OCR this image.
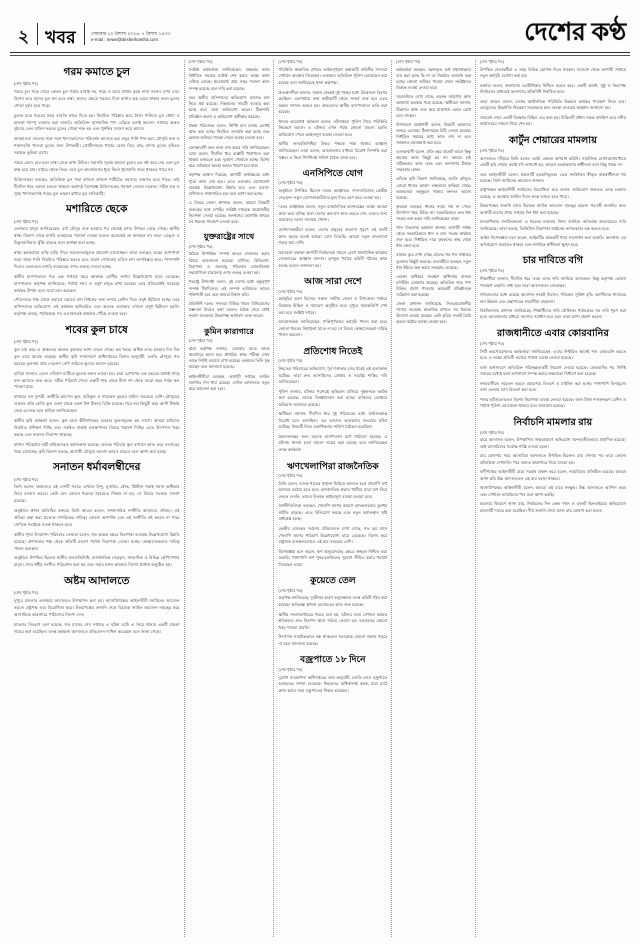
২ খবর	সোমবার ২০ বৈশাখ ২০২৬, ৭ বৈশাখ ১৪৩৩
e-mail : news@desherkantha.com	দেশের কণ্ঠ
গরম কমাতে চুল
(শেষ পৃষ্ঠার পর)

গরমে চুল পড়ে গেলে কেবল চুল পড়ার ব্যথাই নয়, গরম ও ঘামে মাথার ত্বকে নানা সমস্যা দেখা দেয়। বিশেষ করে যাদের চুল ঘন এবং লম্বা, তাদের ক্ষেত্রে গরমের দিনে মাথার ত্বক ঘেমে থাকার ফলে চুলের গোড়া দুর্বল হয়ে পড়ে।

চুলের যত্নে গরমের সময় বাড়তি নজর দিতে হয়। নিয়মিত পরিষ্কার করা, ঠাণ্ডা পানিতে চুল ধোয়া ও হালকা শ্যাম্পু ব্যবহার করা জরুরি। অতিরিক্ত রাসায়নিক পণ্য এড়িয়ে চলাই ভালো। সপ্তাহে অন্তত দুইবার তেল মালিশ করলে চুলের গোড়া শক্ত হয় এবং খুশকির সমস্যা কমে আসে।

আবহাওয়া বদলের সঙ্গে সঙ্গে খাদ্যাভ্যাসেও পরিবর্তন আনতে হয়। প্রচুর পানি পান করা, মৌসুমি ফল ও শাকসবজি খাওয়া চুলের জন্য উপকারী। প্রোটিনসমৃদ্ধ খাবার যেমন ডিম, মাছ, বাদাম চুলের বৃদ্ধিতে সহায়ক ভূমিকা রাখে।

গরমে রোদে বের হলে মাথা ঢেকে রাখা উচিত। সরাসরি সূর্যের আলো চুলের রঙ নষ্ট করে দেয় এবং চুল রুক্ষ হয়ে যায়। বাইরে থেকে ফিরে এসে চুল ভালোভাবে ধুয়ে নিলে ধুলাবালি জমে থাকতে পারে না।

চিকিৎসকরা বলছেন, অতিরিক্ত চুল পড়া কখনো কখনো শারীরিক সমস্যার লক্ষণও হতে পারে। তাই দীর্ঘদিন ধরে সমস্যা চলতে থাকলে অবশ্যই বিশেষজ্ঞ চিকিৎসকের পরামর্শ নেওয়া দরকার। সঠিক যত্ন ও সুষম খাদ্যাভ্যাসই গরমে চুল ভালো রাখার মূল চাবিকাঠি।

মশারিতে ছেকে
(শেষ পৃষ্ঠার পর)

এলাকার মানুষ জানিয়েছেন, বর্ষা মৌসুম শুরু হওয়ার পর থেকেই মশার উপদ্রব বেড়ে গেছে। স্থানীয় স্বাস্থ্য বিভাগ থেকে মশারি ব্যবহারের পরামর্শ দেওয়া হলেও অনেকেই তা মানছেন না। ফলে ডেঙ্গু ও চিকুনগুনিয়ার ঝুঁকি বাড়ছে বলে আশঙ্কা করা হচ্ছে।

স্বাস্থ্য কর্মকর্তারা বাড়ি বাড়ি গিয়ে সচেতনতামূলক প্রচারণা চালাচ্ছেন। তারা বলছেন, ঘরের আশপাশে জমে থাকা পানি নিয়মিত পরিষ্কার করতে হবে, কারণ সেখানেই এডিস মশা বংশবিস্তার করে। পাশাপাশি দিনের বেলাতেও মশারি ব্যবহারের ওপর গুরুত্ব দেওয়া হচ্ছে।

স্থানীয় হাসপাতালে গত এক সপ্তাহে জ্বরে আক্রান্ত রোগীর সংখ্যা উল্লেখযোগ্য হারে বেড়েছে। হাসপাতাল কর্তৃপক্ষ জানিয়েছে, পর্যাপ্ত শয্যা ও ওষুধ মজুত রাখা হয়েছে। তবে প্রতিরোধই সবচেয়ে কার্যকর উপায় বলে তারা মনে করছেন।

পৌরসভার পক্ষ থেকে ওয়ার্ডে ওয়ার্ডে মশা নিধনের জন্য ফগার মেশিন দিয়ে ওষুধ ছিটানো হচ্ছে। তবে বাসিন্দাদের অভিযোগ, এই কার্যক্রম অনিয়মিত এবং অনেক এলাকায় এখনো ওষুধ ছিটানো হয়নি। কর্তৃপক্ষ বলছে, পর্যায়ক্রমে সব এলাকাতেই কার্যক্রম পৌঁছে দেওয়া হবে।

শবের কুল চাষে
(শেষ পৃষ্ঠার পর)

কুল চাষ করে এ অঞ্চলের অনেক কৃষকের ভাগ্য বদলে গেছে। কম খরচে অধিক লাভ হওয়ায় দিন দিন কুল চাষে আগ্রহ বাড়ছে। স্থানীয় কৃষি সম্প্রসারণ অধিদপ্তরের হিসাব অনুযায়ী, চলতি মৌসুমে গত বছরের তুলনায় প্রায় দেড়গুণ বেশি জমিতে কুলের আবাদ হয়েছে।

চাষিরা জানান, বেলে দোঁআশ মাটিতে কুলের ফলন ভালো হয়। চারা রোপণের এক বছরের মধ্যেই গাছে ফল আসতে শুরু করে। সঠিক পরিচর্যা পেলে একটি গাছ থেকে টানা দশ থেকে বারো বছর পর্যন্ত ফল পাওয়া যায়।

বাজারে বল সুন্দরী, কাশ্মীরি আপেল কুল, বাউকুল ও নারকেল কুলের চাহিদা সবচেয়ে বেশি। মৌসুমের শুরুতে প্রতি কেজি কুল একশ থেকে একশ বিশ টাকায় বিক্রি হয়েছে। পরে দাম কিছুটা কমে আশি টাকায় নেমে এসেছে বলে চাষিরা জানিয়েছেন।

স্থানীয় কৃষি কর্মকর্তা বলেন, কুল চাষে কীটনাশকের ব্যবহার তুলনামূলক কম লাগে। আমরা চাষিদের নিয়মিত প্রশিক্ষণ দিচ্ছি এবং সমন্বিত বালাই ব্যবস্থাপনার বিষয়ে পরামর্শ দিচ্ছি। এতে উৎপাদন খরচ কমছে এবং ফলনও নিরাপদ থাকছে।

বাগান পরিচর্যায় নারী শ্রমিকদেরও কর্মসংস্থান হয়েছে। অনেক পরিবার কুল বাগানে কাজ করে সংসারের খরচ চালাচ্ছে। কৃষি বিভাগ বলছে, আগামী মৌসুমে আবাদ আরও বাড়বে বলে আশা করা হচ্ছে।

সনাতন ধর্মাবলম্বীদের
(শেষ পৃষ্ঠার পর)

তিনি বলেন, আমাদের এই দেশটি সবার। এখানে হিন্দু, মুসলিম, বৌদ্ধ, খ্রিস্টান সবাই সমান অধিকার নিয়ে বসবাস করবে। কেউ যেন কোনো ধরনের বৈষম্যের শিকার না হয়, সে বিষয়ে সরকার সজাগ রয়েছে।

অনুষ্ঠানে প্রধান অতিথির বক্তব্যে তিনি আরও বলেন, সাম্প্রদায়িক সম্প্রীতি আমাদের ঐতিহ্য। এই ঐতিহ্য রক্ষা করা প্রত্যেক নাগরিকের দায়িত্ব। কোনো অপশক্তি যেন এই সম্প্রীতি নষ্ট করতে না পারে সেদিকে সবাইকে সতর্ক থাকতে হবে।

স্থানীয় পূজা উদযাপন পরিষদের নেতারা বলেন, গত কয়েক বছরে নিরাপত্তা ব্যবস্থায় উল্লেখযোগ্য উন্নতি হয়েছে। প্রশাসনের পক্ষ থেকে প্রতিটি মণ্ডপে পর্যাপ্ত নিরাপত্তা দেওয়া হচ্ছে। স্বেচ্ছাসেবকরাও দায়িত্ব পালন করছেন।

অনুষ্ঠানে উপস্থিত ছিলেন স্থানীয় জনপ্রতিনিধি, রাজনৈতিক নেতৃবৃন্দ, সাংবাদিক ও বিভিন্ন শ্রেণিপেশার মানুষ। শেষে ধর্মীয় সংগীত পরিবেশন করা হয় এবং সবার মঙ্গল কামনায় বিশেষ প্রার্থনা অনুষ্ঠিত হয়।

অষ্টম আদালতে
(শেষ পৃষ্ঠার পর)

দুপুরে মামলার এজাহার আদালতে উপস্থাপন করা হয়। আসামিপক্ষের আইনজীবী জামিনের আবেদন করলে রাষ্ট্রপক্ষ তার বিরোধিতা করে। উভয়পক্ষের শুনানি শেষে বিচারক জামিন আবেদন নামঞ্জুর করে আসামিকে কারাগারে পাঠানোর নির্দেশ দেন।

মামলার বিবরণে বলা হয়েছে, গত মাসের শেষ সপ্তাহে এ ঘটনা ঘটে। এ নিয়ে থানায় একটি মামলা দায়ের করা হয়েছিল। তদন্ত কর্মকর্তা আদালতে প্রতিবেদন দাখিল করেছেন বলে জানা গেছে।

(শেষ পৃষ্ঠার পর)

সংশ্লিষ্ট কর্মকর্তারা জানিয়েছেন, প্রকল্পের কাজ নির্ধারিত সময়ের মধ্যেই শেষ করার লক্ষ্যে কাজ এগিয়ে চলছে। ইতোমধ্যে প্রায় সত্তর শতাংশ কাজ সম্পন্ন হয়েছে বলে দাবি করা হয়েছে।

তবে স্থানীয় বাসিন্দাদের অভিযোগ, কাজের মান নিয়ে প্রশ্ন রয়েছে। নিম্নমানের সামগ্রী ব্যবহার করা হচ্ছে বলে তারা অভিযোগ করেন। ঠিকাদারি প্রতিষ্ঠান অবশ্য এ অভিযোগ অস্বীকার করেছে।

প্রকল্প পরিচালক বলেন, নির্দিষ্ট মান বজায় রেখেই কাজ করা হচ্ছে। নিয়মিত তদারকি করা হচ্ছে এবং কোনো অনিয়ম পাওয়া গেলে ব্যবস্থা নেওয়া হবে।

এলাকাবাসী দ্রুত কাজ শেষ করার দাবি জানিয়েছেন। তারা বলেন, দীর্ঘদিন ধরে রাস্তাটি খানাখন্দে ভরা থাকায় চলাচলে চরম দুর্ভোগ পোহাতে হচ্ছে। বিশেষ করে বর্ষাকালে অবস্থা আরও খারাপ হয়ে যায়।

কর্তৃপক্ষ আশ্বাস দিয়েছে, আগামী অর্থবছরের মধ্যে পুরো কাজ শেষ হবে। এতে এলাকার যোগাযোগ ব্যবস্থায় উল্লেখযোগ্য উন্নতি হবে এবং ব্যবসা-বাণিজ্যও সম্প্রসারিত হবে বলে আশা করা হচ্ছে।

এ বিষয়ে জেলা প্রশাসক বলেন, আমরা বিষয়টি গুরুত্বের সঙ্গে দেখছি। সংশ্লিষ্ট দপ্তরকে প্রয়োজনীয় নির্দেশনা দেওয়া হয়েছে। জনগণের ভোগান্তি লাঘবে সব ধরনের পদক্ষেপ নেওয়া হবে।

যুক্তরাষ্ট্রের সাথে
(শেষ পৃষ্ঠার পর)

বৈঠকে দ্বিপাক্ষিক সম্পর্ক আরও জোরদার করার বিষয়ে আলোচনা হয়েছে। বাণিজ্য, বিনিয়োগ, নিরাপত্তা ও জলবায়ু পরিবর্তন মোকাবিলায় সহযোগিতা বাড়ানোর ওপর গুরুত্ব দেওয়া হয়।

পররাষ্ট্র উপদেষ্টা বলেন, দুই দেশের মধ্যে বন্ধুত্বপূর্ণ সম্পর্ক দীর্ঘদিনের। এই সম্পর্ক ভবিষ্যতে আরও শক্তিশালী হবে বলে আমরা বিশ্বাস করি।

প্রতিনিধি দলের সদস্যরা বিভিন্ন খাতে বিনিয়োগের সম্ভাবনা নিয়েও কথা বলেন। বৈঠক শেষে যৌথ সংবাদ সম্মেলনে উভয়পক্ষ আশাবাদ ব্যক্ত করেন।

কুমিন কারাগারে
(শেষ পৃষ্ঠার পর)

কারা কর্তৃপক্ষ জানায়, রোববার রাতে তাকে কারাগারে আনা হয়। প্রাথমিক স্বাস্থ্য পরীক্ষা শেষে তাকে নির্দিষ্ট ওয়ার্ডে রাখা হয়েছে। বর্তমানে তিনি সুস্থ আছেন বলে জানানো হয়েছে।

আইনজীবীরা বলছেন, আগামী সপ্তাহে জামিন শুনানির দিন ধার্য রয়েছে। সেদিন আদালতে নতুন করে আবেদন করা হবে।

(শেষ পৃষ্ঠার পর)

পরিস্থিতি স্বাভাবিক রাখতে আইনশৃঙ্খলা রক্ষাকারী বাহিনীর সদস্যরা সেখানে অবস্থান নিয়েছেন। এলাকায় অতিরিক্ত পুলিশ মোতায়েন করা হয়েছে বলে জানিয়েছে থানা কর্তৃপক্ষ।

প্রত্যক্ষদর্শীরা জানান, সকাল থেকেই দুই পক্ষের মধ্যে উত্তেজনা বিরাজ করছিল। একপর্যায়ে কথা কাটাকাটি থেকে সংঘর্ষ শুরু হয়। এতে অন্তত দশজন আহত হন। আহতদের স্থানীয় হাসপাতালে ভর্তি করা হয়েছে।

থানার ভারপ্রাপ্ত কর্মকর্তা বলেন, ঘটনাস্থলে পুলিশ গিয়ে পরিস্থিতি নিয়ন্ত্রণে আনে। এ ঘটনায় এখন পর্যন্ত কোনো মামলা হয়নি। অভিযোগ পেলে আইনানুগ ব্যবস্থা নেওয়া হবে।

স্থানীয় জনপ্রতিনিধিরা উভয় পক্ষকে শান্ত থাকার আহ্বান জানিয়েছেন। তারা বলেন, আলোচনার মাধ্যমে বিরোধ নিষ্পত্তি করা সম্ভব। এ নিয়ে শিগগিরই সালিশ বৈঠক ডাকা হবে।

এনসিপিতে যোগ
(শেষ পৃষ্ঠার পর)

অনুষ্ঠানে উপস্থিত ছিলেন দলের আহ্বায়ক, সদস্যসচিবসহ কেন্দ্রীয় নেতৃবৃন্দ। নতুন যোগদানকারীদের ফুল দিয়ে বরণ করে নেওয়া হয়।

দলের আহ্বায়ক বলেন, নতুন রাজনৈতিক বন্দোবস্তের লক্ষ্যে আমরা কাজ করে যাচ্ছি। যারা দেশের কল্যাণে কাজ করতে চান, তাদের জন্য আমাদের দরজা সবসময় খোলা।

যোগদানকারীরা বলেন, দেশের মানুষের প্রত্যাশা পূরণে এই দলটি কাজ করছে বলেই আমরা যোগ দিয়েছি। আমরা নতুন বাংলাদেশ গড়ার স্বপ্ন দেখি।

সমাবেশে বক্তারা আগামী নির্বাচনকে সামনে রেখে সাংগঠনিক কার্যক্রম জোরদারের আহ্বান জানান। তৃণমূল পর্যায়ে কমিটি গঠনের কাজ চলছে বলেও জানানো হয়।

আজ সারা দেশে
(শেষ পৃষ্ঠার পর)

কর্মসূচির অংশ হিসেবে সকাল দশটায় জেলা ও উপজেলা পর্যায়ে বিক্ষোভ মিছিল ও সমাবেশ অনুষ্ঠিত হবে। দুপুরে স্মারকলিপি পেশ করা হবে সংশ্লিষ্ট দপ্তরে।

আয়োজকরা জানিয়েছেন, শান্তিপূর্ণভাবে কর্মসূচি পালন করা হবে। কোনো ধরনের বিশৃঙ্খলা যাতে না হয় সে বিষয়ে স্বেচ্ছাসেবকরা দায়িত্ব পালন করবেন।

প্রতিশোধ নিতেই
(শেষ পৃষ্ঠার পর)

নিহতের পরিবারের অভিযোগ, পূর্ব শত্রুতার জের ধরেই এই হত্যাকাণ্ড ঘটেছে। তারা দ্রুত আসামিদের গ্রেপ্তার ও সর্বোচ্চ শাস্তির দাবি জানিয়েছেন।

পুলিশ জানায়, ঘটনার পরপরই অভিযান চালিয়ে দুইজনকে আটক করা হয়েছে। তাদের জিজ্ঞাসাবাদ করা হচ্ছে। বাকিদের গ্রেপ্তারে অভিযান অব্যাহত রয়েছে।

স্থানীয়রা জানান, দীর্ঘদিন ধরে দুই পরিবারের মধ্যে জমিসংক্রান্ত বিরোধ চলে আসছিল। এর আগেও কয়েকবার সংঘর্ষের ঘটনা ঘটেছে। বিষয়টি নিয়ে একাধিকবার সালিশ বৈঠকও হয়েছিল।

ময়নাতদন্তের জন্য মরদেহ হাসপাতাল মর্গে পাঠানো হয়েছে। এ ঘটনায় থানায় হত্যা মামলা দায়ের করা হয়েছে বলে জানিয়েছেন তদন্ত কর্মকর্তা।

ঋণখেলাপিরা রাজনৈতিক
(শেষ পৃষ্ঠার পর)

তিনি বলেন, ব্যাংক খাতের শৃঙ্খলা ফিরিয়ে আনতে হলে খেলাপি ঋণ আদায়ে কঠোর হতে হবে। রাজনৈতিক প্রভাব খাটিয়ে যারা ঋণ নিয়ে ফেরত দেননি, তাদের বিরুদ্ধে আইনানুগ ব্যবস্থা নেওয়া হবে।

অর্থনীতিবিদরা বলছেন, খেলাপি ঋণের কারণে ব্যাংকগুলোর মূলধন ঘাটতি বাড়ছে। এতে বিনিয়োগ কমছে এবং নতুন কর্মসংস্থান সৃষ্টি বাধাগ্রস্ত হচ্ছে।

কেন্দ্রীয় ব্যাংকের সর্বশেষ প্রতিবেদনে দেখা গেছে, গত ছয় মাসে খেলাপি ঋণের পরিমাণ উল্লেখযোগ্য হারে বেড়েছে। বিশেষ করে রাষ্ট্রায়ত্ত ব্যাংকগুলোতে এই হার সবচেয়ে বেশি।

বিশেষজ্ঞরা মনে করেন, ঋণ অনুমোদনের ক্ষেত্রে স্বচ্ছতা নিশ্চিত করা জরুরি। পাশাপাশি ঋণ পুনঃতফসিলের সুযোগ সীমিত করার পরামর্শ দিয়েছেন তারা।

কুয়েতে তেল
(শেষ পৃষ্ঠার পর)

কর্তৃপক্ষ জানিয়েছে, দুর্ঘটনার কারণ অনুসন্ধানে তদন্ত কমিটি গঠন করা হয়েছে। ক্ষতিগ্রস্ত স্থাপনা মেরামতের কাজ শুরু হয়েছে।

স্থানীয় সংবাদমাধ্যমের খবরে বলা হয়, ঘটনার সময় সেখানে কর্মরত শ্রমিকদের দ্রুত নিরাপদ স্থানে সরিয়ে নেওয়া হয়। হতাহতের কোনো খবর পাওয়া যায়নি।

উৎপাদন সাময়িকভাবে বন্ধ থাকলেও সরবরাহে কোনো প্রভাব পড়বে না বলে জানানো হয়েছে।

বজ্রপাতে ১৮ দিনে
(শেষ পৃষ্ঠার পর)

দুর্যোগ ব্যবস্থাপনা অধিদপ্তরের তথ্য অনুযায়ী, চলতি মাসে বজ্রপাতে হতাহতের সংখ্যা বেড়েছে। নিহতদের অধিকাংশই কৃষক, যারা মাঠে কাজ করার সময় বজ্রপাতের শিকার হয়েছেন।

(শেষ পৃষ্ঠার পর)

কর্মকর্তারা বলছেন, বরাদ্দকৃত অর্থ যথাযথভাবে ব্যয় করা হচ্ছে কি না তা নিয়মিত তদারকি করা হচ্ছে। কোনো অনিয়ম পাওয়া গেলে সংশ্লিষ্টদের বিরুদ্ধে ব্যবস্থা নেওয়া হবে।

সরেজমিনে দেখা গেছে, অনেক জায়গায় কাজ অসমাপ্ত অবস্থায় পড়ে রয়েছে। স্থানীয়রা জানান, ঠিকাদার কাজ শুরু করে মাঝপথে ফেলে রেখে চলে গেছেন।

উপজেলা প্রকৌশলী বলেন, বিষয়টি আমাদের নজরে এসেছে। ঠিকাদারকে চিঠি দেওয়া হয়েছে। নির্ধারিত সময়ের মধ্যে কাজ শেষ না হলে জামানত বাজেয়াপ্ত করা হবে।

এলাকাবাসী বলেন, প্রতি বছর বাজেট আসে কিন্তু কাজের কাজ কিছুই হয় না। আমরা চাই সঠিকভাবে কাজ হোক এবং জনগণের টাকার সদ্ব্যবহার হোক।

এদিকে কৃষি বিভাগ জানিয়েছে, চলতি মৌসুমে বোরো ধানের আবাদ লক্ষ্যমাত্রা ছাড়িয়ে গেছে। আবহাওয়া অনুকূলে থাকায় ফলনও ভালো হয়েছে।

কৃষকরা বলছেন, ধানের ন্যায্য দাম না পেলে উৎপাদন খরচ উঠবে না। সরকারিভাবে দ্রুত ধান সংগ্রহ শুরু করার দাবি জানিয়েছেন তারা।

খাদ্য বিভাগের কর্মকর্তা জানান, আগামী সপ্তাহ থেকে সরকারিভাবে ধান ও চাল সংগ্রহ কার্যক্রম শুরু হবে। নির্ধারিত দামে কৃষকদের কাছ থেকে ধান কেনা হবে।

বাজার ঘুরে দেখা গেছে, চালের দাম গত সপ্তাহের তুলনায় কিছুটা কমেছে। ব্যবসায়ীরা বলছেন, নতুন ধান উঠতে শুরু করায় সরবরাহ বেড়েছে।

ভোক্তা অধিকার সংরক্ষণ অধিদপ্তর বাজার মনিটরিং জোরদার করেছে। অতিরিক্ত দামে পণ্য বিক্রির প্রমাণ পাওয়ায় কয়েকটি প্রতিষ্ঠানকে জরিমানা করা হয়েছে।

জেলা প্রশাসন জানিয়েছে, নিত্যপ্রয়োজনীয় পণ্যের সরবরাহ স্বাভাবিক রাখতে সব ধরনের উদ্যোগ নেওয়া হয়েছে। কেউ কৃত্রিম সংকট তৈরি করলে কঠোর ব্যবস্থা নেওয়া হবে।

(শেষ পৃষ্ঠার পর)

উপস্থিত নেতাকর্মীরা এ সময় বিভিন্ন স্লোগান দিতে থাকেন। সমাবেশ থেকে আগামী সপ্তাহে নতুন কর্মসূচি ঘোষণা করা হয়।

বক্তারা বলেন, জনগণের ভোটাধিকার নিশ্চিত করতে হবে। একটি অবাধ, সুষ্ঠু ও নিরপেক্ষ নির্বাচনের মাধ্যমেই জনগণের প্রতিনিধি নির্বাচিত হবে।

তারা আরও বলেন, দেশের অর্থনৈতিক পরিস্থিতি উন্নয়নে কার্যকর পদক্ষেপ নিতে হবে। দ্রব্যমূল্যের ঊর্ধ্বগতি নিয়ন্ত্রণে সরকারকে দ্রুত ব্যবস্থা নেওয়ার আহ্বান জানানো হয়।

সমাবেশ শেষে একটি বিক্ষোভ মিছিল বের করা হয়। মিছিলটি প্রধান সড়ক প্রদক্ষিণ করে দলীয় কার্যালয়ের সামনে গিয়ে শেষ হয়।

কার্টুন শেয়ারের মামলায়
(শেষ পৃষ্ঠার পর)

আদালতে দাঁড়িয়ে তিনি বলেন, আমি কোনো অপরাধ করিনি। সামাজিক যোগাযোগমাধ্যমে একটি ছবি শেয়ার করাই যদি অপরাধ হয়, তাহলে মতপ্রকাশের স্বাধীনতা বলে কিছু থাকে না।

তার আইনজীবী বলেন, মামলাটি হয়রানিমূলক। এতে সংবিধানে স্বীকৃত বাকস্বাধীনতা খর্ব হয়েছে। তিনি জামিনের আবেদন জানান।

রাষ্ট্রপক্ষের আইনজীবী জামিনের বিরোধিতা করে বলেন, অভিযোগ গুরুতর। তদন্ত চলমান রয়েছে, এ অবস্থায় জামিন দিলে তদন্ত ব্যাহত হতে পারে।

উভয়পক্ষের শুনানি শেষে বিচারক জামিন আবেদন নামঞ্জুর করেন। পরবর্তী শুনানির জন্য আগামী মাসের প্রথম সপ্তাহে দিন ধার্য করা হয়েছে।

মানবাধিকার সংগঠনগুলো এ ধরনের মামলার নিন্দা জানিয়ে অবিলম্বে প্রত্যাহারের দাবি জানিয়েছে। তারা বলছে, ডিজিটাল নিরাপত্তা আইনের অপব্যবহার বন্ধ করতে হবে।

আইন বিশেষজ্ঞরা মনে করেন, আইনটির কয়েকটি ধারা সংশোধন করা জরুরি। অন্যথায় এর অপপ্রয়োগ অব্যাহত থাকবে এবং নাগরিক স্বাধীনতা ক্ষুণ্ন হবে।

চার দাবিতে বগি
(শেষ পৃষ্ঠার পর)

শিক্ষার্থীরা জানান, দীর্ঘদিন ধরে তারা এসব দাবি জানিয়ে আসছেন। কিন্তু কর্তৃপক্ষ কোনো পদক্ষেপ নেয়নি। বাধ্য হয়ে তারা আন্দোলনে নেমেছেন।

দাবিগুলোর মধ্যে রয়েছে আবাসন সংকট নিরসন, পরিবহন সুবিধা বৃদ্ধি, ক্যান্টিনের খাবারের মান উন্নয়ন এবং গ্রন্থাগারের সময়সীমা বাড়ানো।

বিশ্ববিদ্যালয় প্রশাসন জানিয়েছে, শিক্ষার্থীদের দাবি যৌক্তিক। পর্যায়ক্রমে সব দাবি পূরণ করা হবে। আলোচনার মাধ্যমে সমস্যার সমাধান হবে বলে তারা আশা প্রকাশ করেন।

রাজধানীতে এবার কোরবানির
(শেষ পৃষ্ঠার পর)

সিটি করপোরেশনের কর্মকর্তারা জানিয়েছেন, এবার নির্ধারিত স্থানেই পশু কোরবানি করতে হবে। এ লক্ষ্যে প্রতিটি ওয়ার্ডে পর্যাপ্ত ব্যবস্থা নেওয়া হয়েছে।

বর্জ্য অপসারণে অতিরিক্ত পরিচ্ছন্নতাকর্মী নিয়োগ দেওয়া হয়েছে। কোরবানির পর নির্দিষ্ট সময়ের মধ্যেই বর্জ্য অপসারণ সম্পন্ন করার লক্ষ্যমাত্রা নির্ধারণ করা হয়েছে।

নগরবাসীকে সচেতন করতে প্রচারপত্র বিতরণ ও মাইকিং করা হচ্ছে। পাশাপাশি বিনামূল্যে বর্জ্য ফেলার ব্যাগ বিতরণ করা হবে।

পশুর হাটগুলোতেও বিশেষ নিরাপত্তা ব্যবস্থা নেওয়া হয়েছে। জাল টাকা শনাক্তকরণ মেশিন ও পর্যাপ্ত পুলিশ মোতায়েন থাকবে বলে জানানো হয়েছে।

নির্বাচনি মামলার রায়
(শেষ পৃষ্ঠার পর)

রায়ে আদালত বলেন, উপস্থাপিত সাক্ষ্যপ্রমাণে অভিযোগ সন্দেহাতীতভাবে প্রমাণিত হয়েছে। তাই আসামিদের সর্বোচ্চ শাস্তি দেওয়া হলো।

রায় ঘোষণার সময় আসামিরা আদালতে উপস্থিত ছিলেন। রায় শোনার পর তারা কোনো প্রতিক্রিয়া দেখাননি। পরে তাদের কারাগারে নিয়ে যাওয়া হয়।

বাদীপক্ষের আইনজীবী রায়ে সন্তোষ প্রকাশ করে বলেন, ন্যায়বিচার প্রতিষ্ঠিত হয়েছে। আমরা আশা করি উচ্চ আদালতেও এই রায় বহাল থাকবে।

আসামিপক্ষের আইনজীবী বলেন, আমরা এই রায়ে সংক্ষুব্ধ। উচ্চ আদালতে আপিল করব এবং সেখানে ন্যায়বিচার পাব বলে আশা করছি।

মামলার বিবরণে জানা যায়, নির্বাচনের দিন কেন্দ্র দখল ও ব্যালট ছিনতাইয়ের অভিযোগে মামলাটি দায়ের করা হয়েছিল। দীর্ঘ শুনানি শেষে আজ রায় ঘোষণা করা হলো।
